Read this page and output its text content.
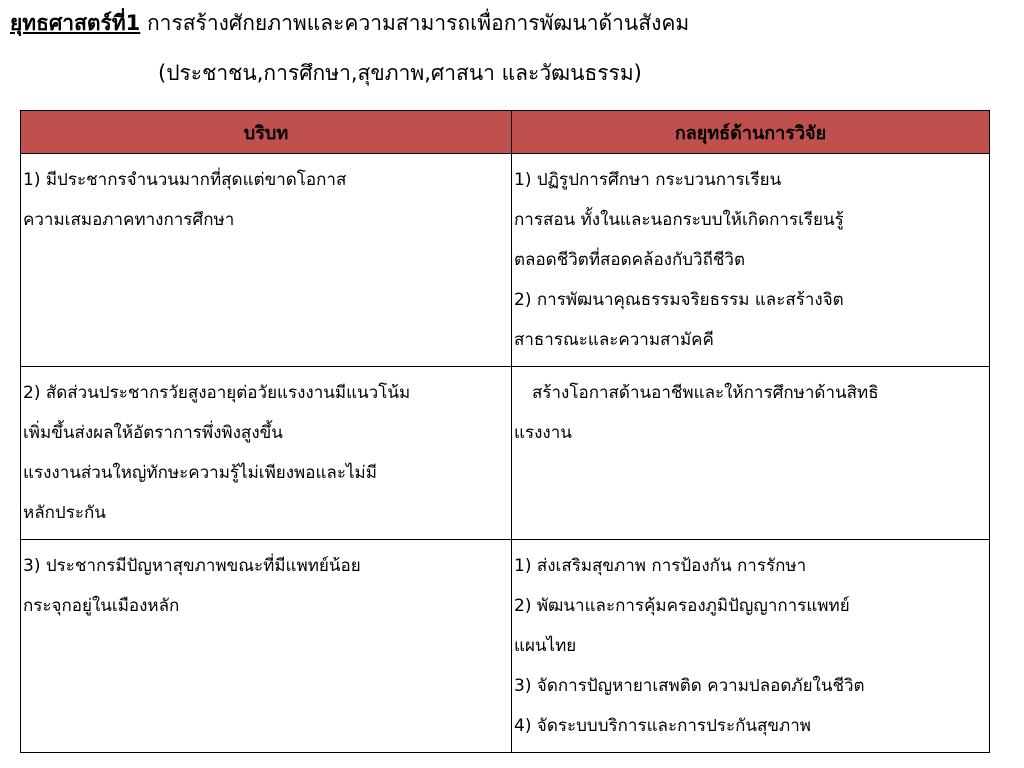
ยุทธศาสตร์ที่1 การสร้างศักยภาพและความสามารถเพื่อการพัฒนาด้านสังคม
(ประชาชน,การศึกษา,สุขภาพ,ศาสนา และวัฒนธรรม)
บริบท	กลยุทธ์ด้านการวิจัย

1) มีประชากรจำนวนมากที่สุดแต่ขาดโอกาส
ความเสมอภาคทางการศึกษา	1) ปฏิรูปการศึกษา กระบวนการเรียน
การสอน ทั้งในและนอกระบบให้เกิดการเรียนรู้
ตลอดชีวิตที่สอดคล้องกับวิถีชีวิต
2) การพัฒนาคุณธรรมจริยธรรม และสร้างจิต
สาธารณะและความสามัคคี

2) สัดส่วนประชากรวัยสูงอายุต่อวัยแรงงานมีแนวโน้ม
เพิ่มขึ้นส่งผลให้อัตราการพึ่งพิงสูงขึ้น
แรงงานส่วนใหญ่ทักษะความรู้ไม่เพียงพอและไม่มี
หลักประกัน	สร้างโอกาสด้านอาชีพและให้การศึกษาด้านสิทธิ
แรงงาน

3) ประชากรมีปัญหาสุขภาพขณะที่มีแพทย์น้อย
กระจุกอยู่ในเมืองหลัก	1) ส่งเสริมสุขภาพ การป้องกัน การรักษา
2) พัฒนาและการคุ้มครองภูมิปัญญาการแพทย์
แผนไทย
3) จัดการปัญหายาเสพติด ความปลอดภัยในชีวิต
4) จัดระบบบริการและการประกันสุขภาพ
